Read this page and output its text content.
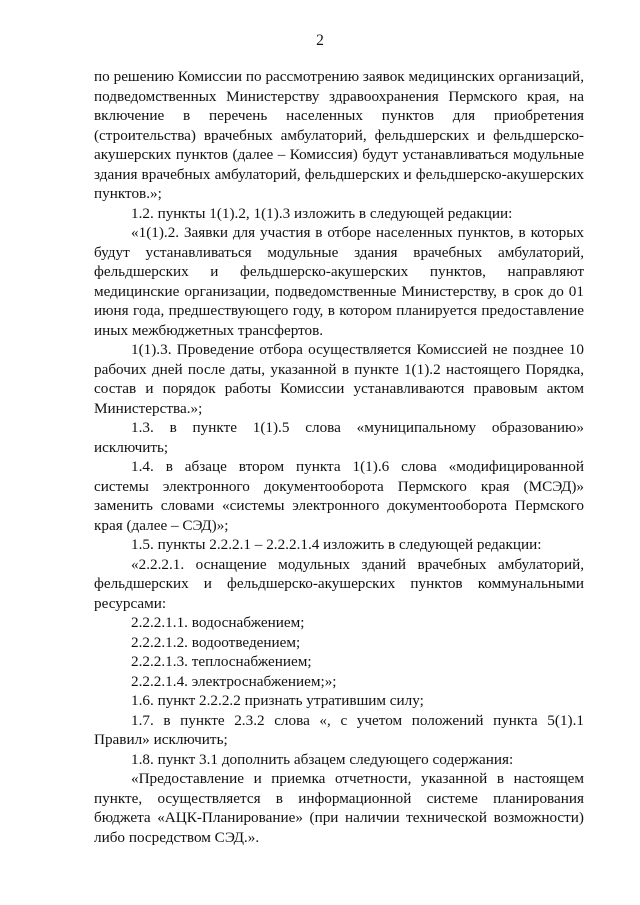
2

по решению Комиссии по рассмотрению заявок медицинских организаций, подведомственных Министерству здравоохранения Пермского края, на включение в перечень населенных пунктов для приобретения (строительства) врачебных амбулаторий, фельдшерских и фельдшерско-акушерских пунктов (далее – Комиссия) будут устанавливаться модульные здания врачебных амбулаторий, фельдшерских и фельдшерско-акушерских пунктов.»;

1.2. пункты 1(1).2, 1(1).3 изложить в следующей редакции:

«1(1).2. Заявки для участия в отборе населенных пунктов, в которых будут устанавливаться модульные здания врачебных амбулаторий, фельдшерских и фельдшерско-акушерских пунктов, направляют медицинские организации, подведомственные Министерству, в срок до 01 июня года, предшествующего году, в котором планируется предоставление иных межбюджетных трансфертов.

1(1).3. Проведение отбора осуществляется Комиссией не позднее 10 рабочих дней после даты, указанной в пункте 1(1).2 настоящего Порядка, состав и порядок работы Комиссии устанавливаются правовым актом Министерства.»;

1.3. в пункте 1(1).5 слова «муниципальному образованию» исключить;

1.4. в абзаце втором пункта 1(1).6 слова «модифицированной системы электронного документооборота Пермского края (МСЭД)» заменить словами «системы электронного документооборота Пермского края (далее – СЭД)»;

1.5. пункты 2.2.2.1 – 2.2.2.1.4 изложить в следующей редакции:

«2.2.2.1. оснащение модульных зданий врачебных амбулаторий, фельдшерских и фельдшерско-акушерских пунктов коммунальными ресурсами:

2.2.2.1.1. водоснабжением;

2.2.2.1.2. водоотведением;

2.2.2.1.3. теплоснабжением;

2.2.2.1.4. электроснабжением;»;

1.6. пункт 2.2.2.2 признать утратившим силу;

1.7. в пункте 2.3.2 слова «, с учетом положений пункта 5(1).1 Правил» исключить;

1.8. пункт 3.1 дополнить абзацем следующего содержания:

«Предоставление и приемка отчетности, указанной в настоящем пункте, осуществляется в информационной системе планирования бюджета «АЦК-Планирование» (при наличии технической возможности) либо посредством СЭД.».
